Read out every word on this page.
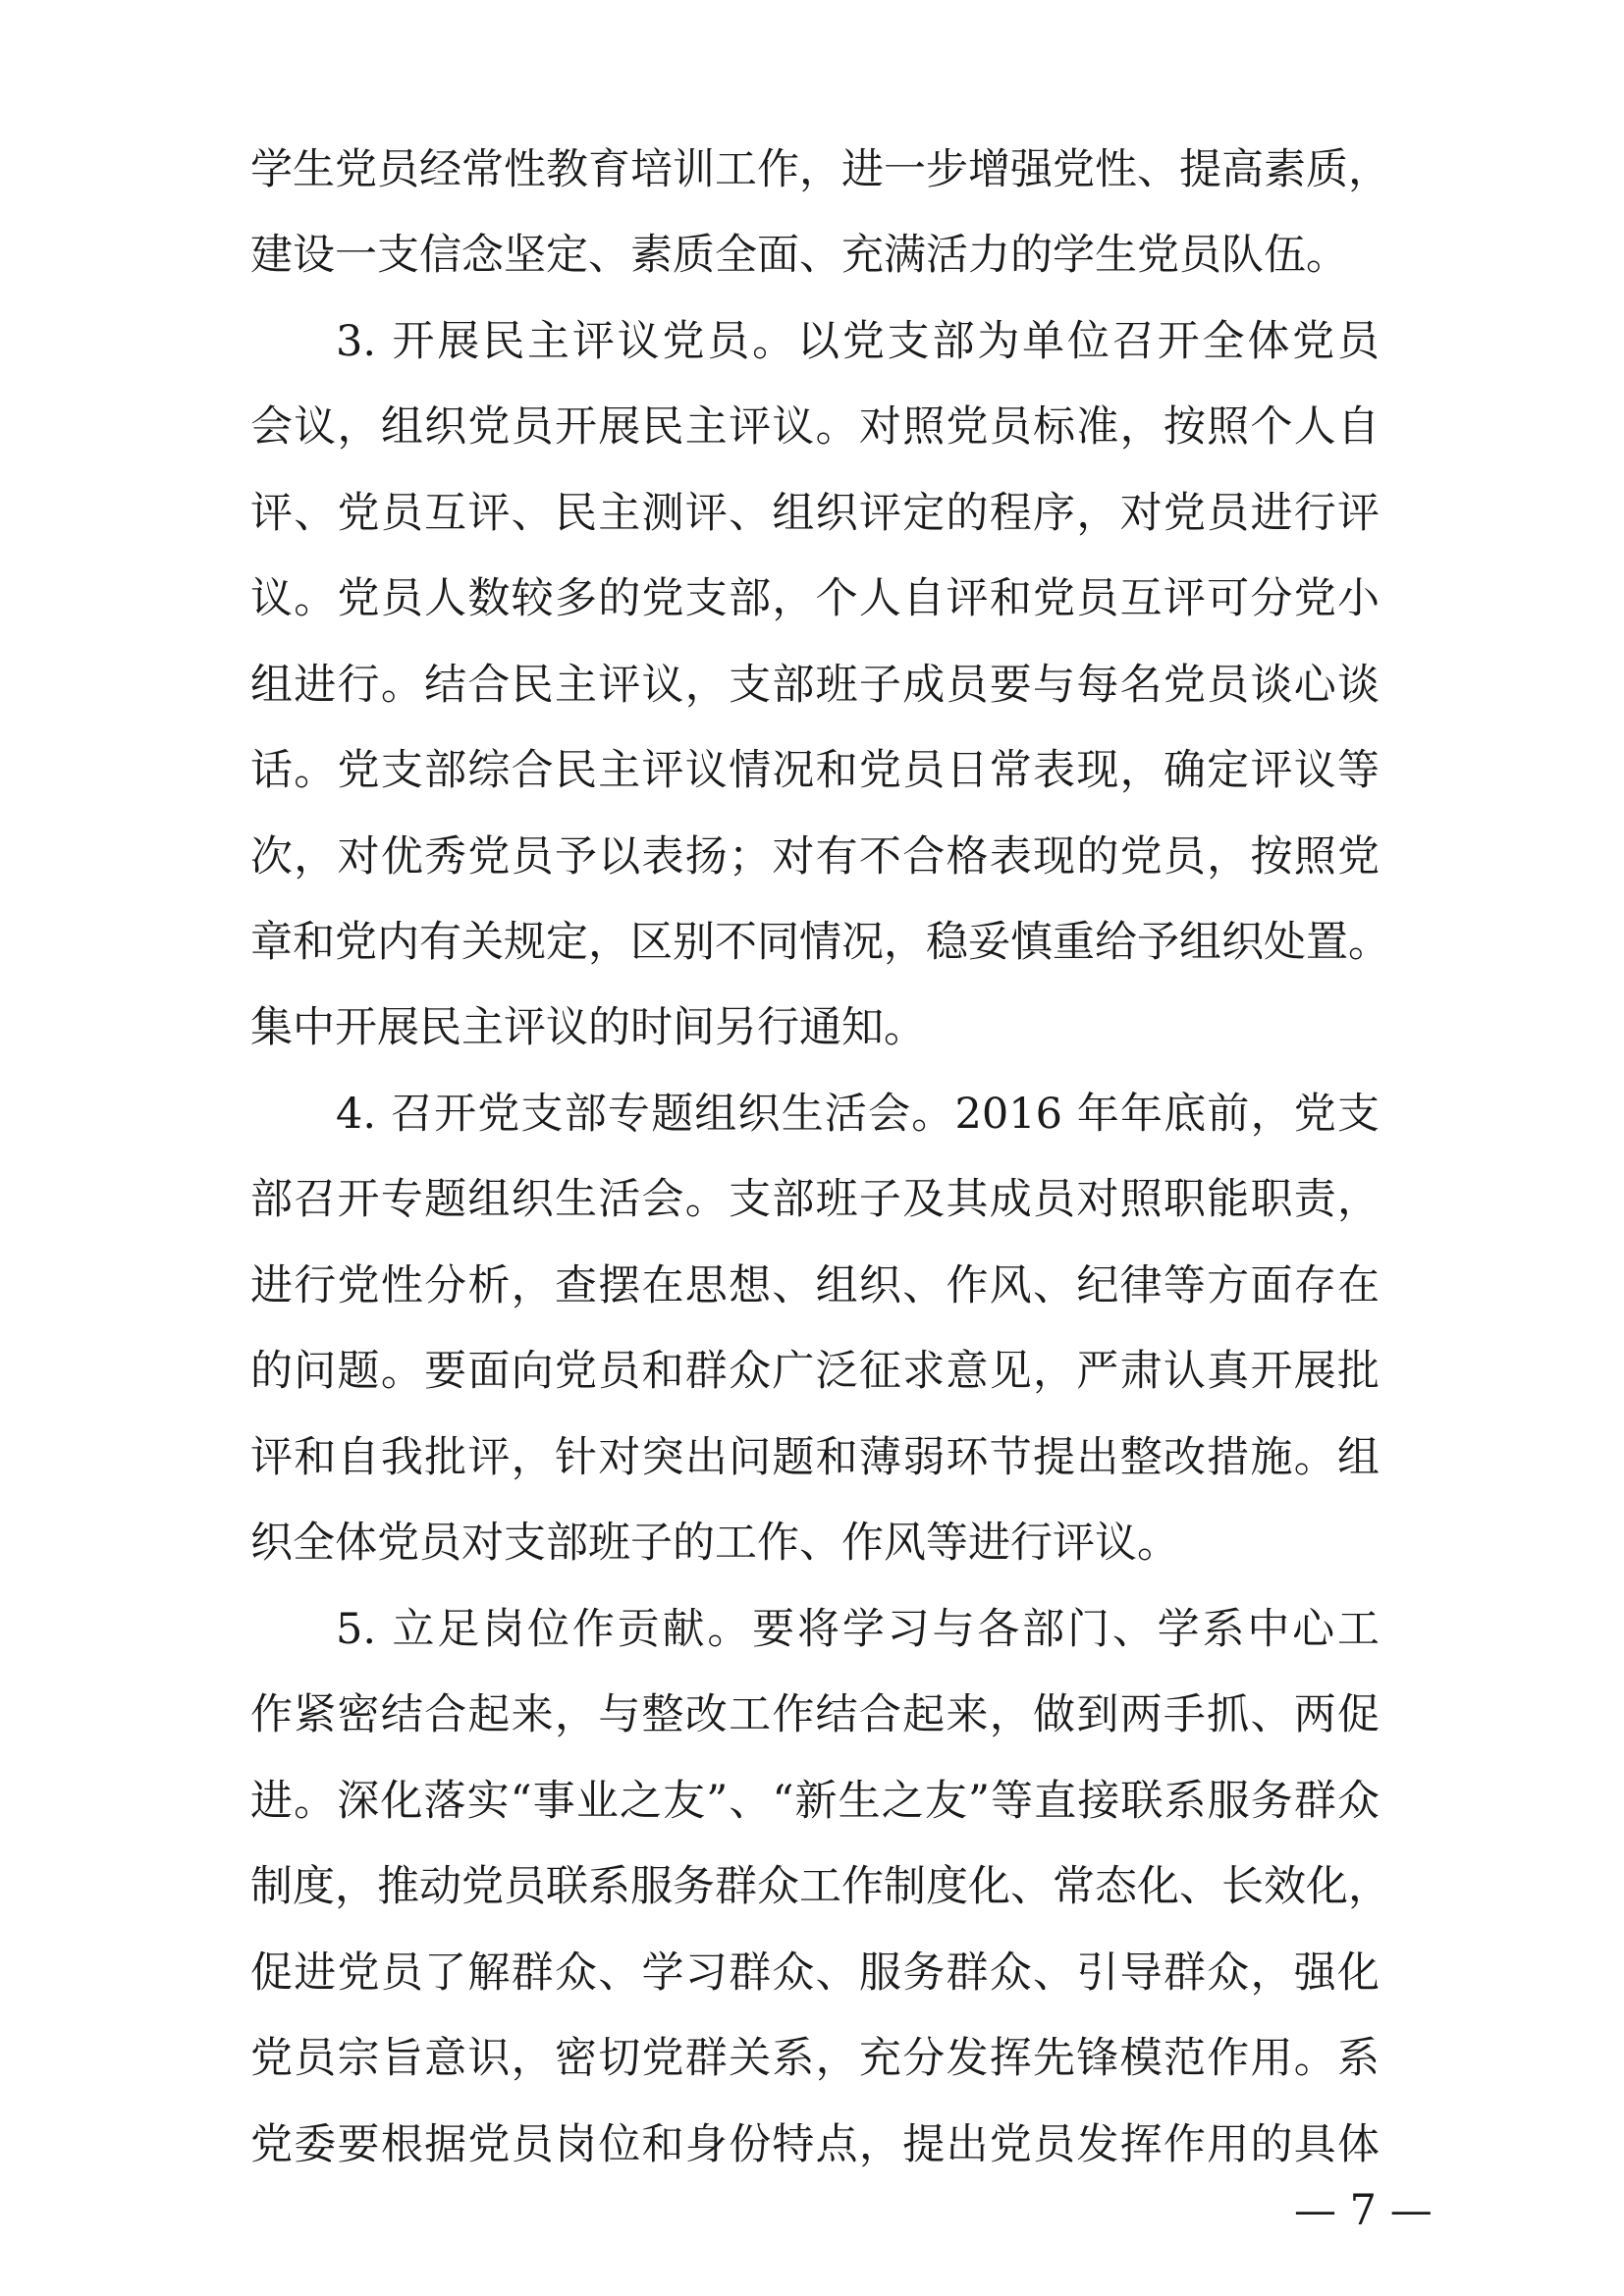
学生党员经常性教育培训工作，进一步增强党性、提高素质，
建设一支信念坚定、素质全面、充满活力的学生党员队伍。
3. 开展民主评议党员。以党支部为单位召开全体党员
会议，组织党员开展民主评议。对照党员标准，按照个人自
评、党员互评、民主测评、组织评定的程序，对党员进行评
议。党员人数较多的党支部，个人自评和党员互评可分党小
组进行。结合民主评议，支部班子成员要与每名党员谈心谈
话。党支部综合民主评议情况和党员日常表现，确定评议等
次，对优秀党员予以表扬；对有不合格表现的党员，按照党
章和党内有关规定，区别不同情况，稳妥慎重给予组织处置。
集中开展民主评议的时间另行通知。
4. 召开党支部专题组织生活会。2016 年年底前，党支
部召开专题组织生活会。支部班子及其成员对照职能职责，
进行党性分析，查摆在思想、组织、作风、纪律等方面存在
的问题。要面向党员和群众广泛征求意见，严肃认真开展批
评和自我批评，针对突出问题和薄弱环节提出整改措施。组
织全体党员对支部班子的工作、作风等进行评议。
5. 立足岗位作贡献。要将学习与各部门、学系中心工
作紧密结合起来，与整改工作结合起来，做到两手抓、两促
进。深化落实“事业之友”、“新生之友”等直接联系服务群众
制度，推动党员联系服务群众工作制度化、常态化、长效化，
促进党员了解群众、学习群众、服务群众、引导群众，强化
党员宗旨意识，密切党群关系，充分发挥先锋模范作用。系
党委要根据党员岗位和身份特点，提出党员发挥作用的具体
— 7 —
